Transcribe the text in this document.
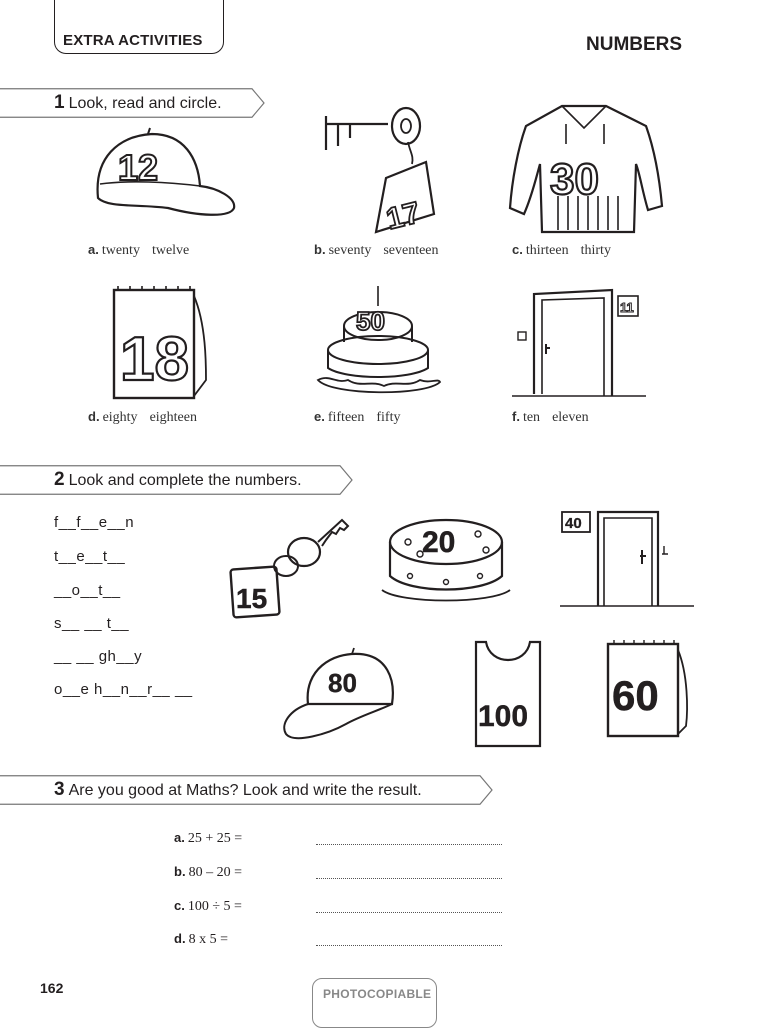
EXTRA ACTIVITIES	NUMBERS
1 Look, read and circle.
12
17
30
a. twenty twelve	b. seventy seventeen	c. thirteen thirty
18
50	11
d. eighty eighteen	e. fifteen fifty	f. ten eleven
2 Look and complete the numbers.
f__f__e__n
t__e__t__
__o__t__
s__ __ t__
__ __ gh__y
o__e h__n__r__ __
15
20
40
80
100 60
3 Are you good at Maths? Look and write the result.
a. 25 + 25 =
b. 80 – 20 =
c. 100 ÷ 5 =
d. 8 x 5 =
162	PHOTOCOPIABLE
